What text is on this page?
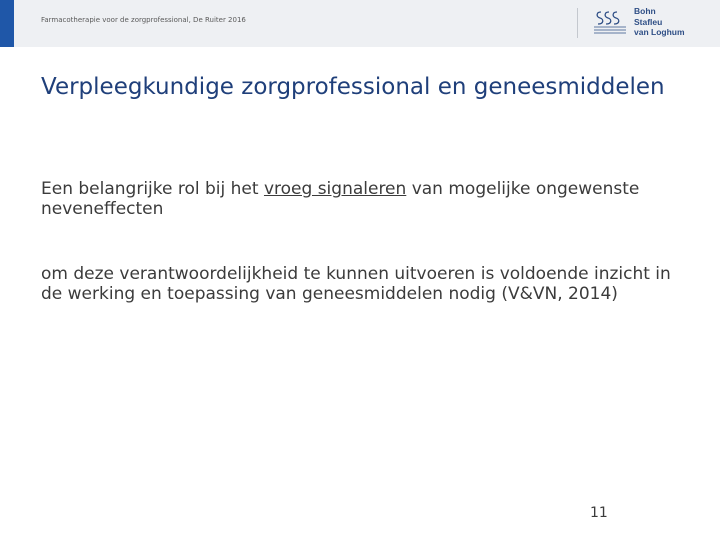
Farmacotherapie voor de zorgprofessional, De Ruiter 2016
Bohn
Stafleu
van Loghum
Verpleegkundige zorgprofessional en geneesmiddelen
Een belangrijke rol bij het vroeg signaleren van mogelijke ongewenste neveneffecten
om deze verantwoordelijkheid te kunnen uitvoeren is voldoende inzicht in de werking en toepassing van geneesmiddelen nodig (V&VN, 2014)
11
